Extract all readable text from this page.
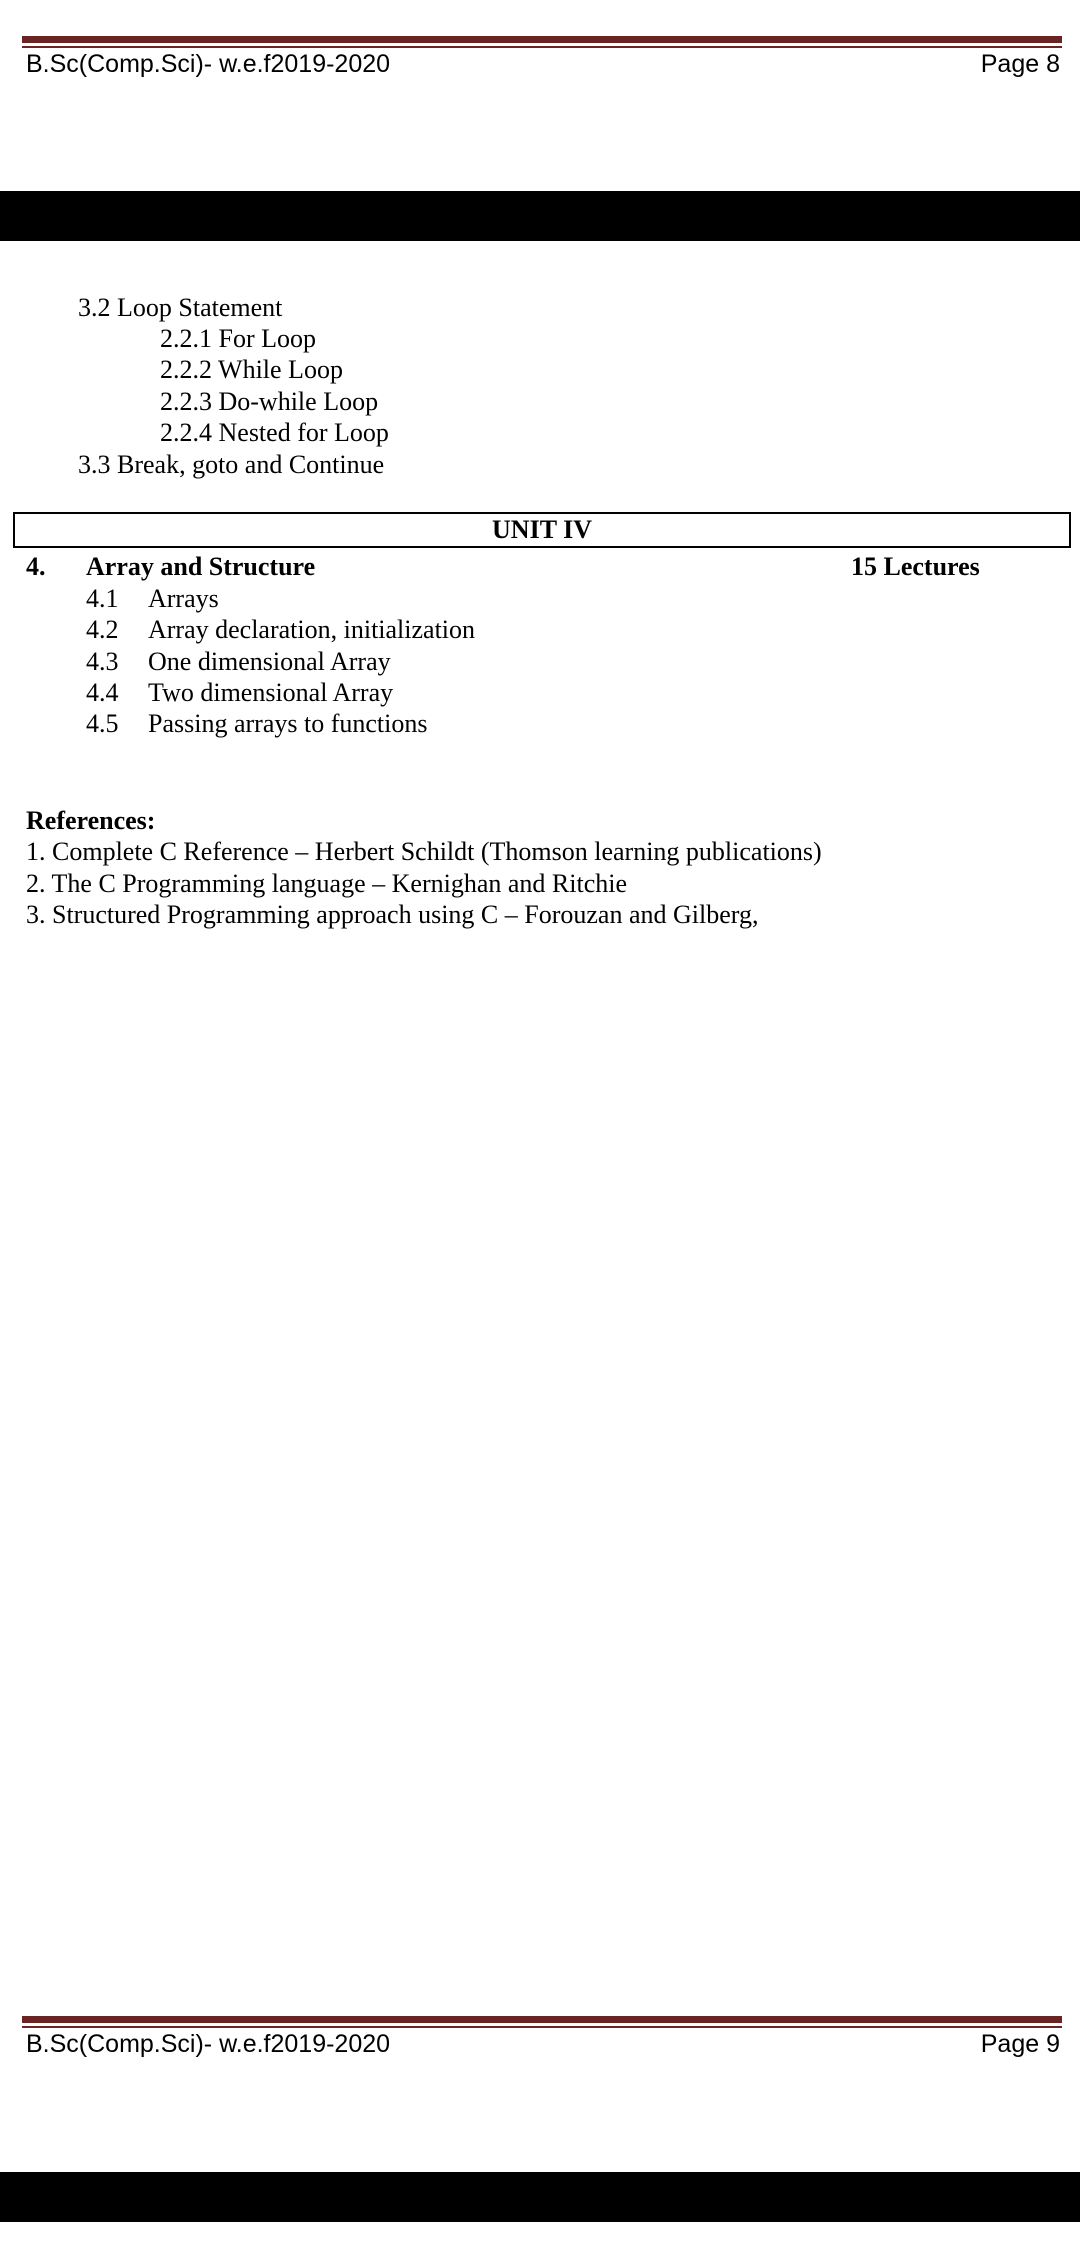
B.Sc(Comp.Sci)- w.e.f2019-2020	Page 8
3.2 Loop Statement
2.2.1 For Loop
2.2.2 While Loop
2.2.3 Do-while Loop
2.2.4 Nested for Loop
3.3 Break, goto and Continue
UNIT IV
4. Array and Structure	15 Lectures
4.1 Arrays
4.2 Array declaration, initialization
4.3 One dimensional Array
4.4 Two dimensional Array
4.5 Passing arrays to functions
References:
1. Complete C Reference – Herbert Schildt (Thomson learning publications)
2. The C Programming language – Kernighan and Ritchie
3. Structured Programming approach using C – Forouzan and Gilberg,
B.Sc(Comp.Sci)- w.e.f2019-2020	Page 9
